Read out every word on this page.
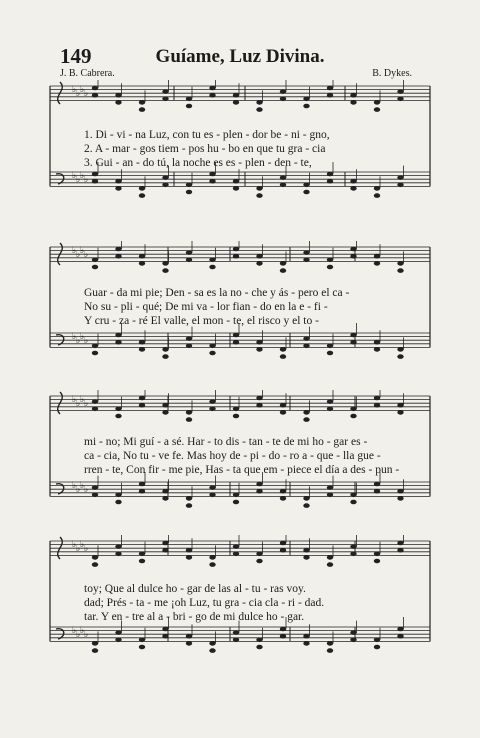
149	Guíame, Luz Divina.
J. B. Cabrera.	B. Dykes.
♭ ♭ ♭ ♭
♭ ♭ ♭ ♭
1. Di - vi - na Luz, con tu es - plen - dor be - ni - gno,
2. A - mar - gos tiem - pos hu - bo en que tu gra - cia
3. Gui - an - do tú, la noche es es - plen - den - te,
♭ ♭ ♭ ♭
♭ ♭ ♭ ♭
Guar - da mi pie; Den - sa es la no - che y ás - pero el ca -
No su - pli - qué; De mi va - lor fian - do en la e - fi -
Y cru - za - ré El valle, el mon - te, el risco y el to -
♭ ♭ ♭ ♭
♭ ♭ ♭ ♭
mi - no; Mi guí - a sé. Har - to dis - tan - te de mi ho - gar es -
ca - cia, No tu - ve fe. Mas hoy de - pi - do - ro a - que - lla gue -
rren - te, Con fir - me pie, Has - ta que em - piece el día a des - pun -
♭ ♭ ♭ ♭
♭ ♭ ♭ ♭
toy; Que al dulce ho - gar de las al - tu - ras voy.
dad; Prés - ta - me ¡oh Luz, tu gra - cia cla - ri - dad.
tar. Y en - tre al a - bri - go de mi dulce ho - gar.
